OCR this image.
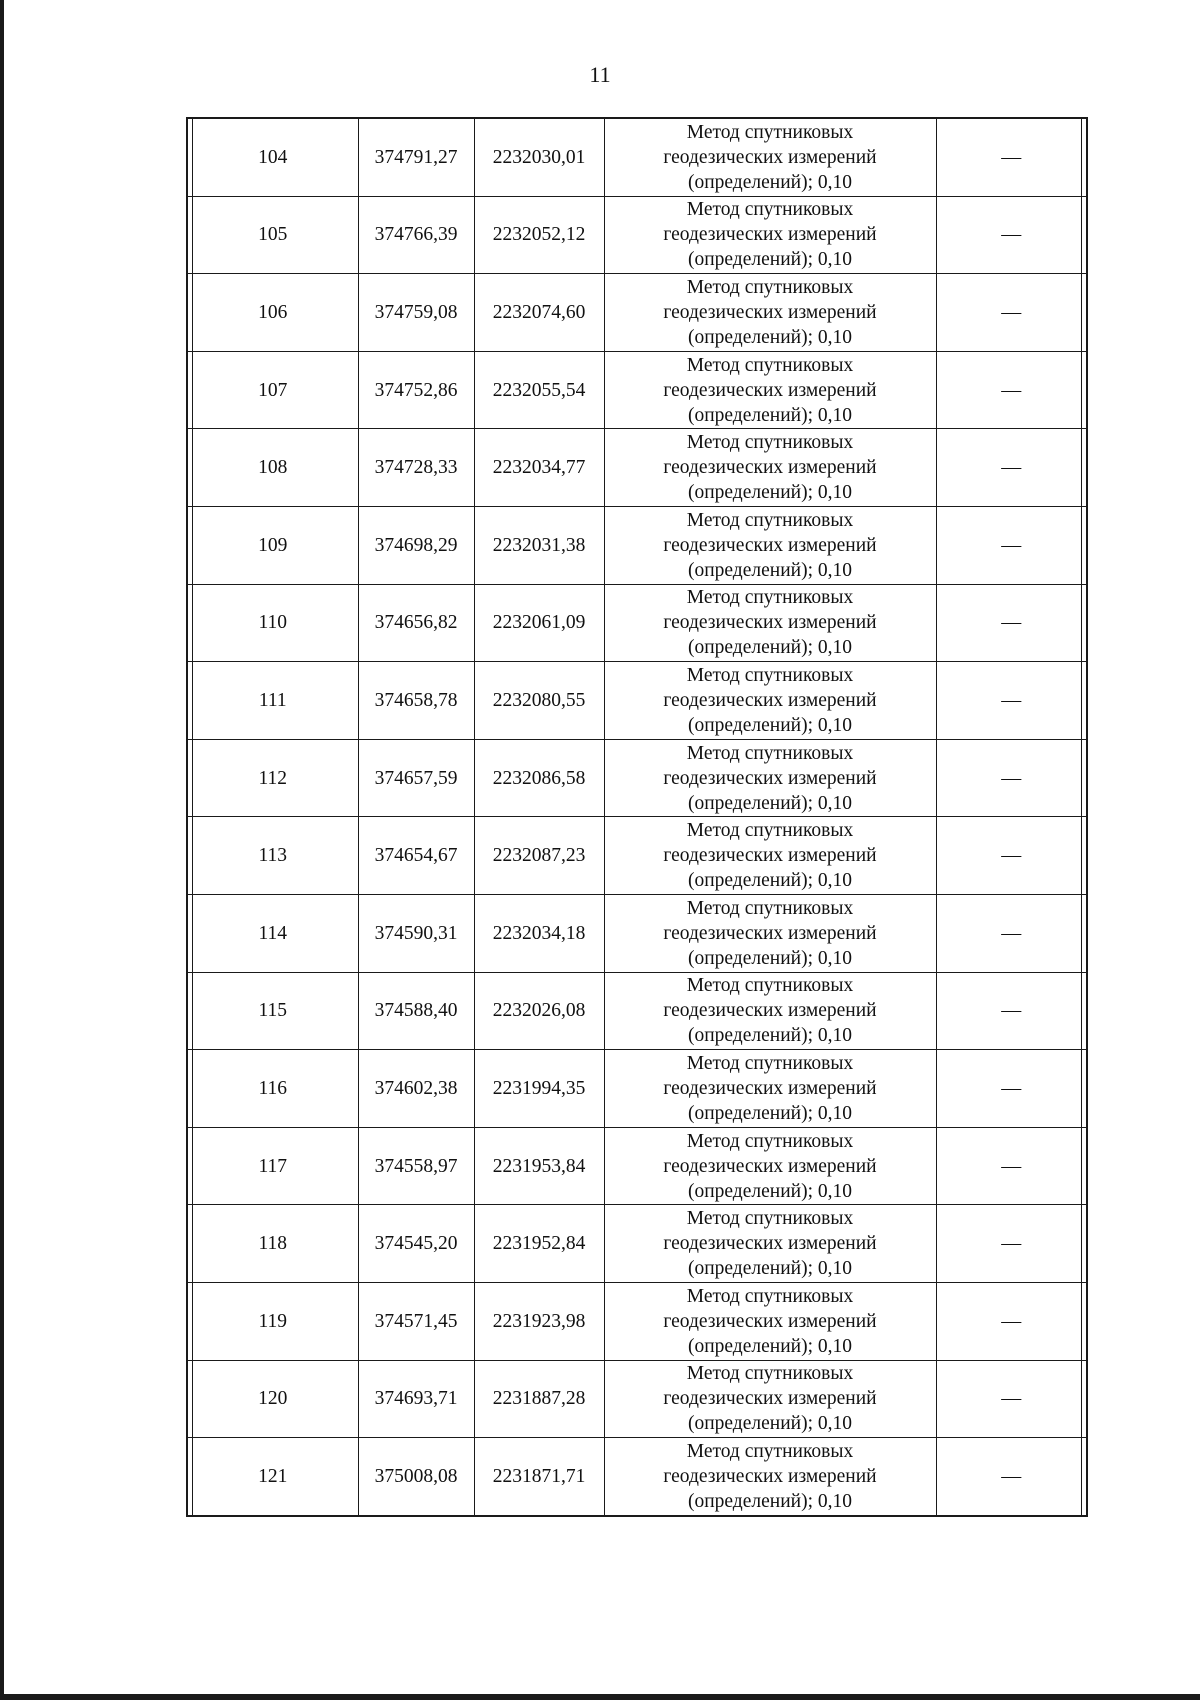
11
104	374791,27	2232030,01	Метод спутниковых
геодезических измерений
(определений); 0,10	—
105	374766,39	2232052,12	Метод спутниковых
геодезических измерений
(определений); 0,10	—
106	374759,08	2232074,60	Метод спутниковых
геодезических измерений
(определений); 0,10	—
107	374752,86	2232055,54	Метод спутниковых
геодезических измерений
(определений); 0,10	—
108	374728,33	2232034,77	Метод спутниковых
геодезических измерений
(определений); 0,10	—
109	374698,29	2232031,38	Метод спутниковых
геодезических измерений
(определений); 0,10	—
110	374656,82	2232061,09	Метод спутниковых
геодезических измерений
(определений); 0,10	—
111	374658,78	2232080,55	Метод спутниковых
геодезических измерений
(определений); 0,10	—
112	374657,59	2232086,58	Метод спутниковых
геодезических измерений
(определений); 0,10	—
113	374654,67	2232087,23	Метод спутниковых
геодезических измерений
(определений); 0,10	—
114	374590,31	2232034,18	Метод спутниковых
геодезических измерений
(определений); 0,10	—
115	374588,40	2232026,08	Метод спутниковых
геодезических измерений
(определений); 0,10	—
116	374602,38	2231994,35	Метод спутниковых
геодезических измерений
(определений); 0,10	—
117	374558,97	2231953,84	Метод спутниковых
геодезических измерений
(определений); 0,10	—
118	374545,20	2231952,84	Метод спутниковых
геодезических измерений
(определений); 0,10	—
119	374571,45	2231923,98	Метод спутниковых
геодезических измерений
(определений); 0,10	—
120	374693,71	2231887,28	Метод спутниковых
геодезических измерений
(определений); 0,10	—
121	375008,08	2231871,71	Метод спутниковых
геодезических измерений
(определений); 0,10	—
